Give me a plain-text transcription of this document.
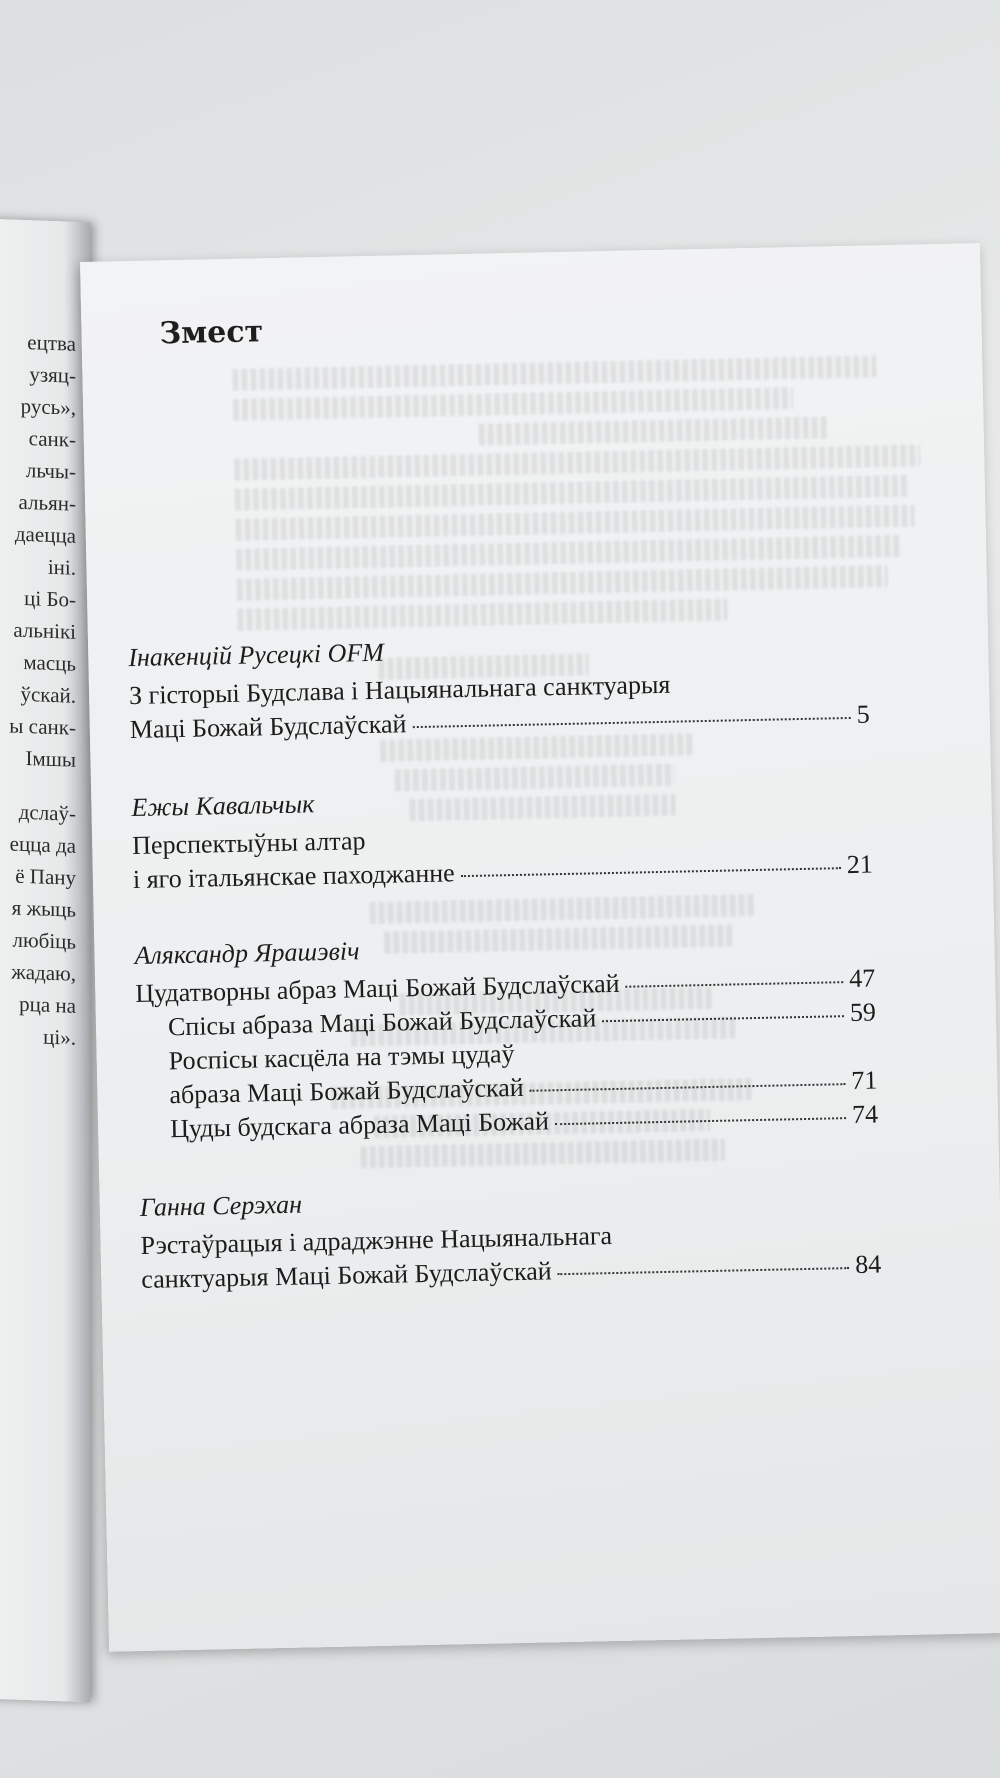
ецтва
узяц-
русь»,
санк-
льчы-
альян-
даецца
іні.
ці Бо-
альнікі
масць
ўскай.
ы санк-
Імшы
дслаў-
ецца да
ё Пану
я жыць
любіць
жадаю,
рца на
ці».
Змест
Інакенцій Русецкі OFM
З гісторыі Будслава і Нацыянальнага санктуарыя
Маці Божай Будслаўскай	5
Ежы Кавальчык
Перспектыўны алтар
і яго італьянскае паходжанне	21
Аляксандр Ярашэвіч
Цудатворны абраз Маці Божай Будслаўскай	47
Спісы абраза Маці Божай Будслаўскай	59
Роспісы касцёла на тэмы цудаў
абраза Маці Божай Будслаўскай	71
Цуды будскага абраза Маці Божай	74
Ганна Серэхан
Рэстаўрацыя і адраджэнне Нацыянальнага
санктуарыя Маці Божай Будслаўскай	84
